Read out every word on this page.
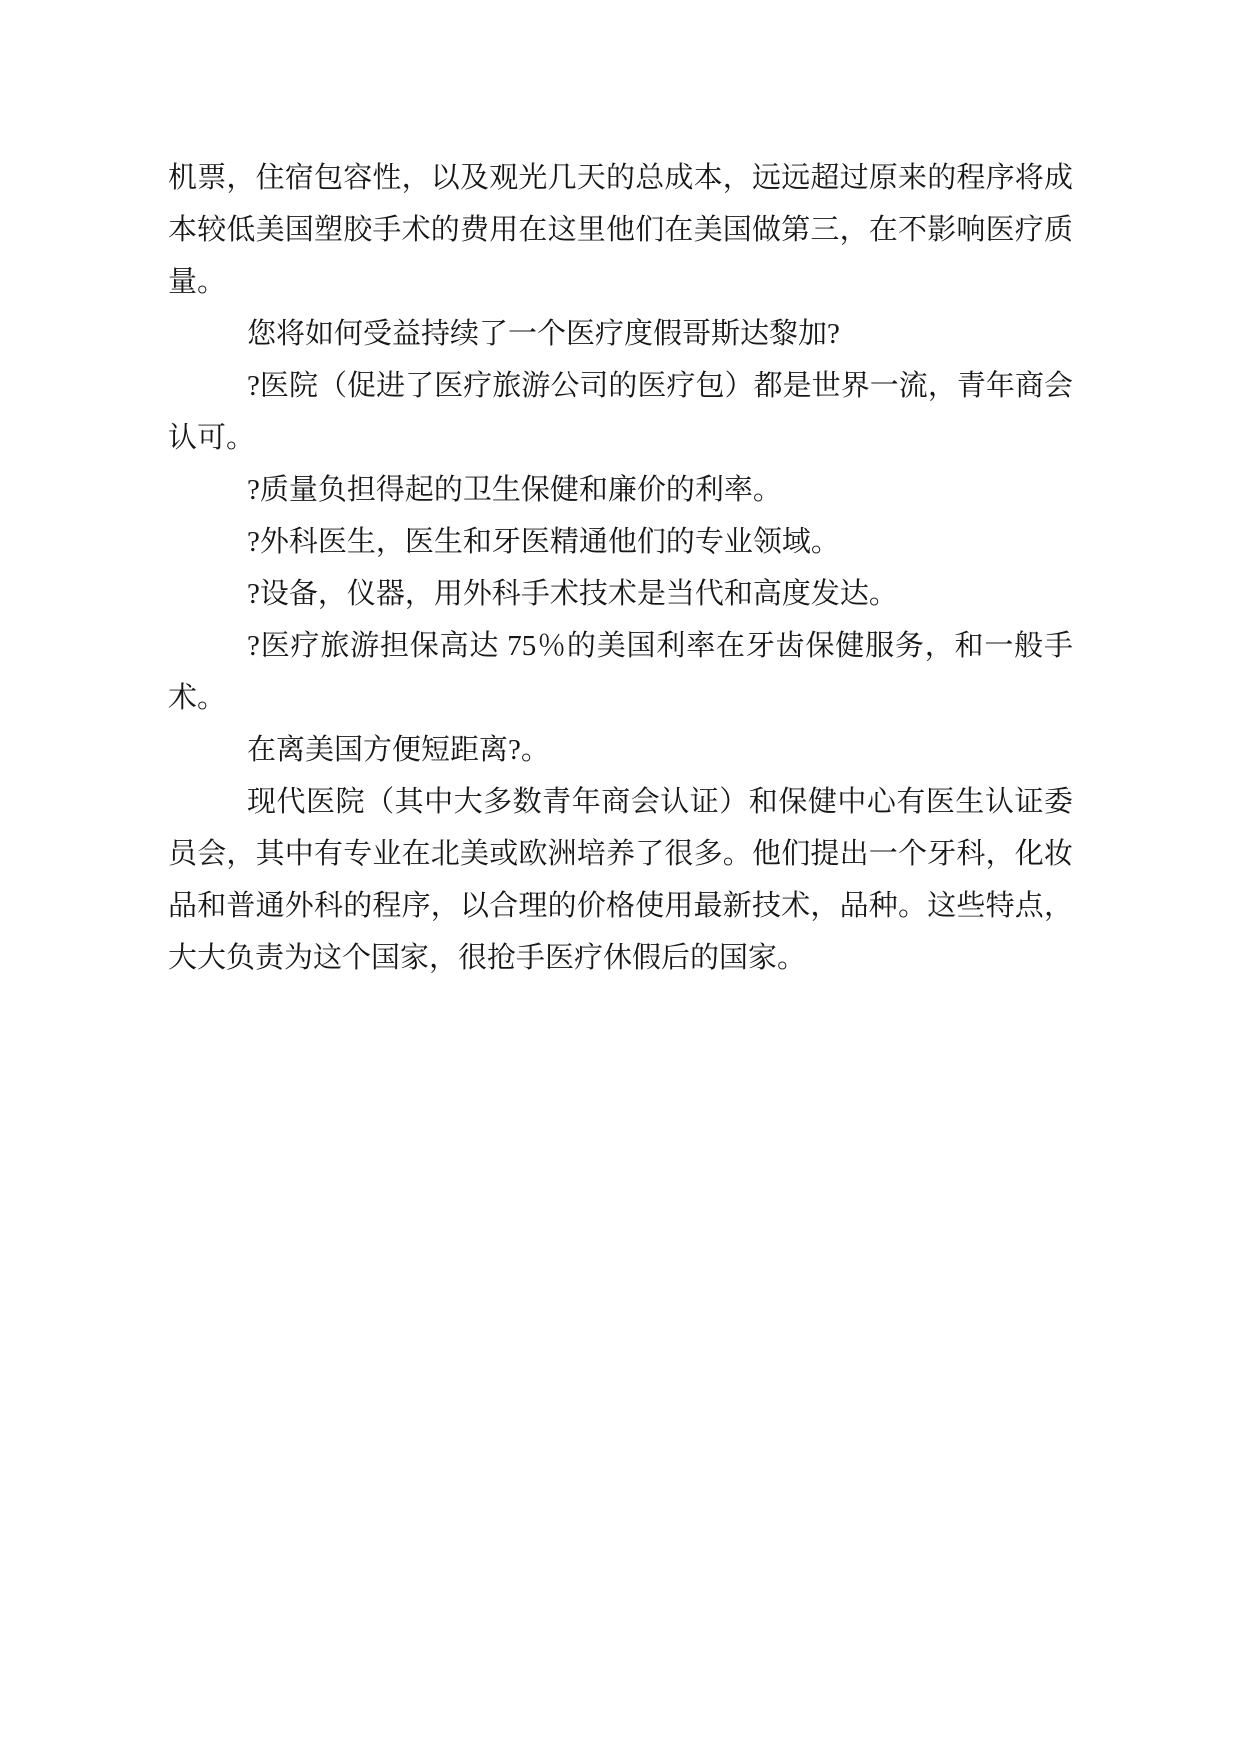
机票，住宿包容性，以及观光几天的总成本，远远超过原来的程序将成本较低美国塑胶手术的费用在这里他们在美国做第三，在不影响医疗质量。

您将如何受益持续了一个医疗度假哥斯达黎加?

?医院（促进了医疗旅游公司的医疗包）都是世界一流，青年商会认可。

?质量负担得起的卫生保健和廉价的利率。

?外科医生，医生和牙医精通他们的专业领域。

?设备，仪器，用外科手术技术是当代和高度发达。

?医疗旅游担保高达 75％的美国利率在牙齿保健服务，和一般手术。

在离美国方便短距离?。

现代医院（其中大多数青年商会认证）和保健中心有医生认证委员会，其中有专业在北美或欧洲培养了很多。他们提出一个牙科，化妆品和普通外科的程序，以合理的价格使用最新技术，品种。这些特点，大大负责为这个国家，很抢手医疗休假后的国家。
